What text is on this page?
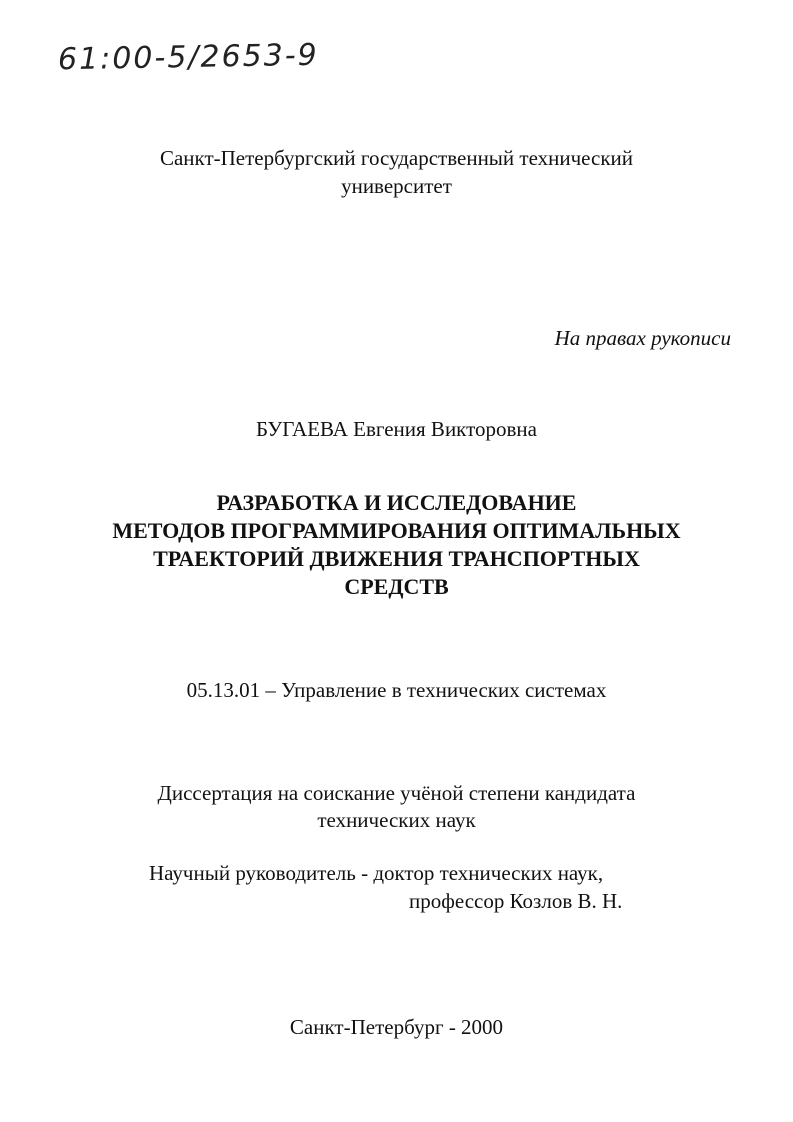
61:00-5/2653-9
Санкт-Петербургский государственный технический
университет
На правах рукописи
БУГАЕВА Евгения Викторовна
РАЗРАБОТКА И ИССЛЕДОВАНИЕ
МЕТОДОВ ПРОГРАММИРОВАНИЯ ОПТИМАЛЬНЫХ
ТРАЕКТОРИЙ ДВИЖЕНИЯ ТРАНСПОРТНЫХ
СРЕДСТВ
05.13.01 – Управление в технических системах
Диссертация на соискание учёной степени кандидата
технических наук
Научный руководитель - доктор технических наук,
профессор Козлов В. Н.
Санкт-Петербург - 2000
